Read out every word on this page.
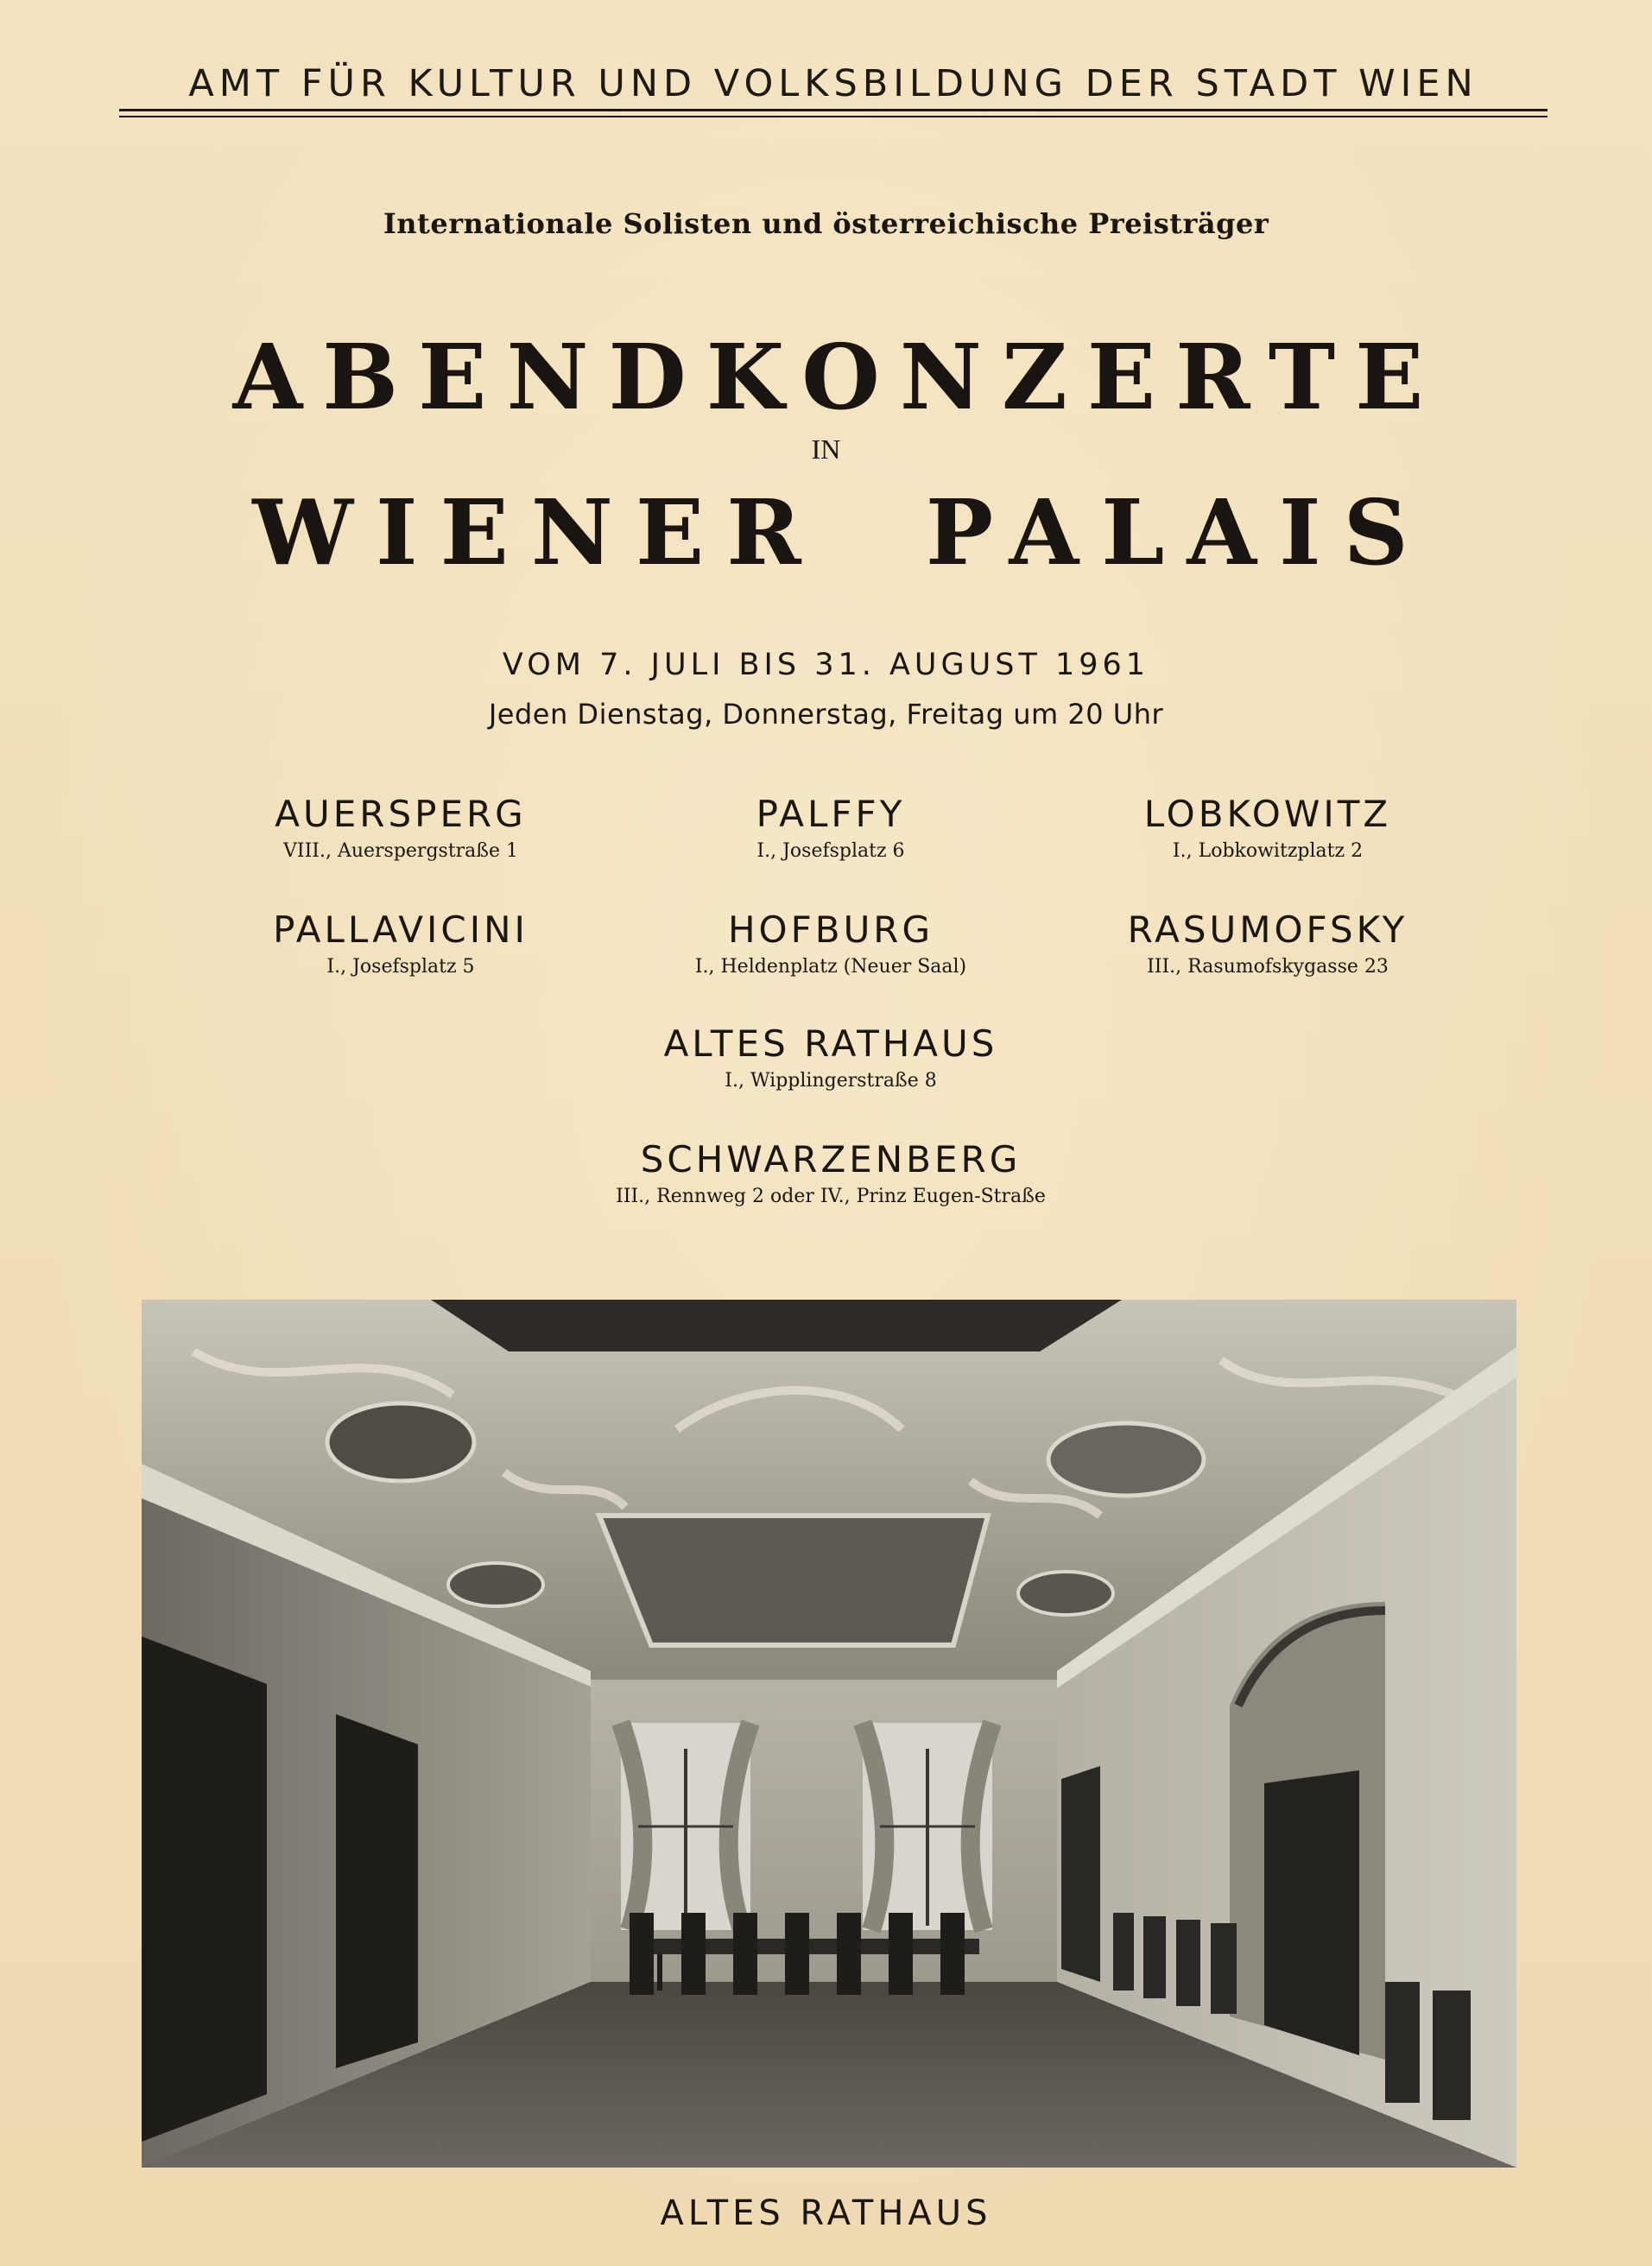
AMT FÜR KULTUR UND VOLKSBILDUNG DER STADT WIEN
Internationale Solisten und österreichische Preisträger
ABENDKONZERTE
IN
WIENER PALAIS
VOM 7. JULI BIS 31. AUGUST 1961
Jeden Dienstag, Donnerstag, Freitag um 20 Uhr
AUERSPERG
VIII., Auerspergstraße 1
PALFFY
I., Josefsplatz 6
LOBKOWITZ
I., Lobkowitzplatz 2
PALLAVICINI
I., Josefsplatz 5
HOFBURG
I., Heldenplatz (Neuer Saal)
RASUMOFSKY
III., Rasumofskygasse 23
ALTES RATHAUS
I., Wipplingerstraße 8
SCHWARZENBERG
III., Rennweg 2 oder IV., Prinz Eugen-Straße
ALTES RATHAUS
